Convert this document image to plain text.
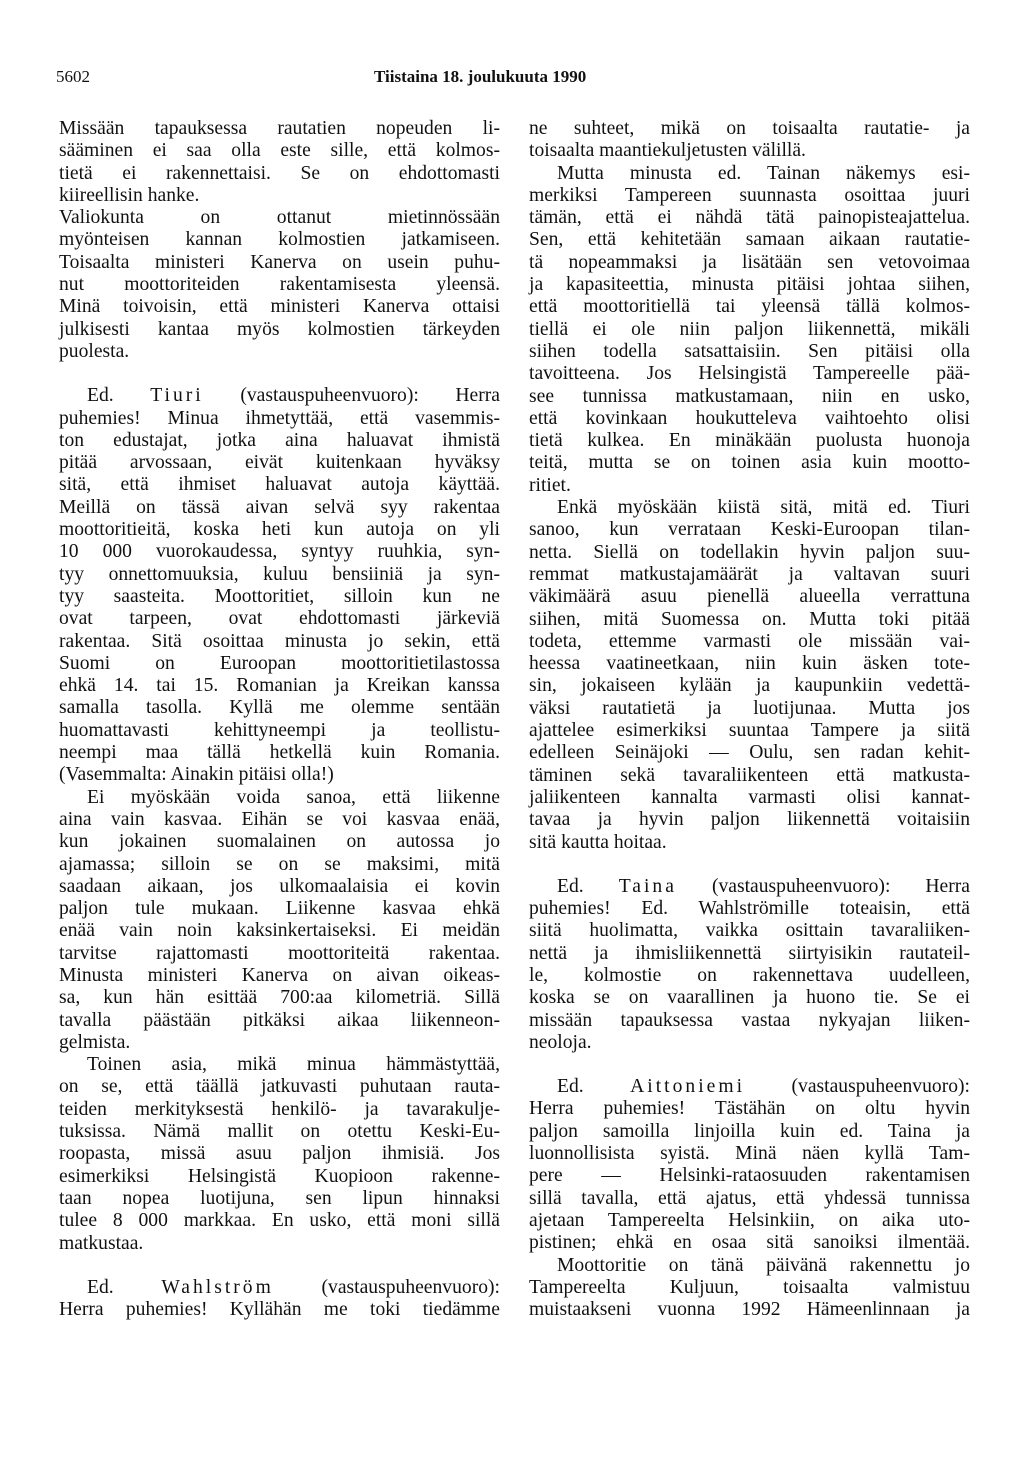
5602	Tiistaina 18. joulukuuta 1990
Missään tapauksessa rautatien nopeuden li-
sääminen ei saa olla este sille, että kolmos-
tietä ei rakennettaisi. Se on ehdottomasti
kiireellisin hanke.
Valiokunta on ottanut mietinnössään
myönteisen kannan kolmostien jatkamiseen.
Toisaalta ministeri Kanerva on usein puhu-
nut moottoriteiden rakentamisesta yleensä.
Minä toivoisin, että ministeri Kanerva ottaisi
julkisesti kantaa myös kolmostien tärkeyden
puolesta.
Ed. Tiuri (vastauspuheenvuoro): Herra
puhemies! Minua ihmetyttää, että vasemmis-
ton edustajat, jotka aina haluavat ihmistä
pitää arvossaan, eivät kuitenkaan hyväksy
sitä, että ihmiset haluavat autoja käyttää.
Meillä on tässä aivan selvä syy rakentaa
moottoritieitä, koska heti kun autoja on yli
10 000 vuorokaudessa, syntyy ruuhkia, syn-
tyy onnettomuuksia, kuluu bensiiniä ja syn-
tyy saasteita. Moottoritiet, silloin kun ne
ovat tarpeen, ovat ehdottomasti järkeviä
rakentaa. Sitä osoittaa minusta jo sekin, että
Suomi on Euroopan moottoritietilastossa
ehkä 14. tai 15. Romanian ja Kreikan kanssa
samalla tasolla. Kyllä me olemme sentään
huomattavasti kehittyneempi ja teollistu-
neempi maa tällä hetkellä kuin Romania.
(Vasemmalta: Ainakin pitäisi olla!)
Ei myöskään voida sanoa, että liikenne
aina vain kasvaa. Eihän se voi kasvaa enää,
kun jokainen suomalainen on autossa jo
ajamassa; silloin se on se maksimi, mitä
saadaan aikaan, jos ulkomaalaisia ei kovin
paljon tule mukaan. Liikenne kasvaa ehkä
enää vain noin kaksinkertaiseksi. Ei meidän
tarvitse rajattomasti moottoriteitä rakentaa.
Minusta ministeri Kanerva on aivan oikeas-
sa, kun hän esittää 700:aa kilometriä. Sillä
tavalla päästään pitkäksi aikaa liikenneon-
gelmista.
Toinen asia, mikä minua hämmästyttää,
on se, että täällä jatkuvasti puhutaan rauta-
teiden merkityksestä henkilö- ja tavarakulje-
tuksissa. Nämä mallit on otettu Keski-Eu-
roopasta, missä asuu paljon ihmisiä. Jos
esimerkiksi Helsingistä Kuopioon rakenne-
taan nopea luotijuna, sen lipun hinnaksi
tulee 8 000 markkaa. En usko, että moni sillä
matkustaa.
Ed. Wahlström (vastauspuheenvuoro):
Herra puhemies! Kyllähän me toki tiedämme
ne suhteet, mikä on toisaalta rautatie- ja
toisaalta maantiekuljetusten välillä.
Mutta minusta ed. Tainan näkemys esi-
merkiksi Tampereen suunnasta osoittaa juuri
tämän, että ei nähdä tätä painopisteajattelua.
Sen, että kehitetään samaan aikaan rautatie-
tä nopeammaksi ja lisätään sen vetovoimaa
ja kapasiteettia, minusta pitäisi johtaa siihen,
että moottoritiellä tai yleensä tällä kolmos-
tiellä ei ole niin paljon liikennettä, mikäli
siihen todella satsattaisiin. Sen pitäisi olla
tavoitteena. Jos Helsingistä Tampereelle pää-
see tunnissa matkustamaan, niin en usko,
että kovinkaan houkutteleva vaihtoehto olisi
tietä kulkea. En minäkään puolusta huonoja
teitä, mutta se on toinen asia kuin mootto-
ritiet.
Enkä myöskään kiistä sitä, mitä ed. Tiuri
sanoo, kun verrataan Keski-Euroopan tilan-
netta. Siellä on todellakin hyvin paljon suu-
remmat matkustajamäärät ja valtavan suuri
väkimäärä asuu pienellä alueella verrattuna
siihen, mitä Suomessa on. Mutta toki pitää
todeta, ettemme varmasti ole missään vai-
heessa vaatineetkaan, niin kuin äsken tote-
sin, jokaiseen kylään ja kaupunkiin vedettä-
väksi rautatietä ja luotijunaa. Mutta jos
ajattelee esimerkiksi suuntaa Tampere ja siitä
edelleen Seinäjoki — Oulu, sen radan kehit-
täminen sekä tavaraliikenteen että matkusta-
jaliikenteen kannalta varmasti olisi kannat-
tavaa ja hyvin paljon liikennettä voitaisiin
sitä kautta hoitaa.
Ed. Taina (vastauspuheenvuoro): Herra
puhemies! Ed. Wahlströmille toteaisin, että
siitä huolimatta, vaikka osittain tavaraliiken-
nettä ja ihmisliikennettä siirtyisikin rautateil-
le, kolmostie on rakennettava uudelleen,
koska se on vaarallinen ja huono tie. Se ei
missään tapauksessa vastaa nykyajan liiken-
neoloja.
Ed. Aittoniemi (vastauspuheenvuoro):
Herra puhemies! Tästähän on oltu hyvin
paljon samoilla linjoilla kuin ed. Taina ja
luonnollisista syistä. Minä näen kyllä Tam-
pere — Helsinki-rataosuuden rakentamisen
sillä tavalla, että ajatus, että yhdessä tunnissa
ajetaan Tampereelta Helsinkiin, on aika uto-
pistinen; ehkä en osaa sitä sanoiksi ilmentää.
Moottoritie on tänä päivänä rakennettu jo
Tampereelta Kuljuun, toisaalta valmistuu
muistaakseni vuonna 1992 Hämeenlinnaan ja
